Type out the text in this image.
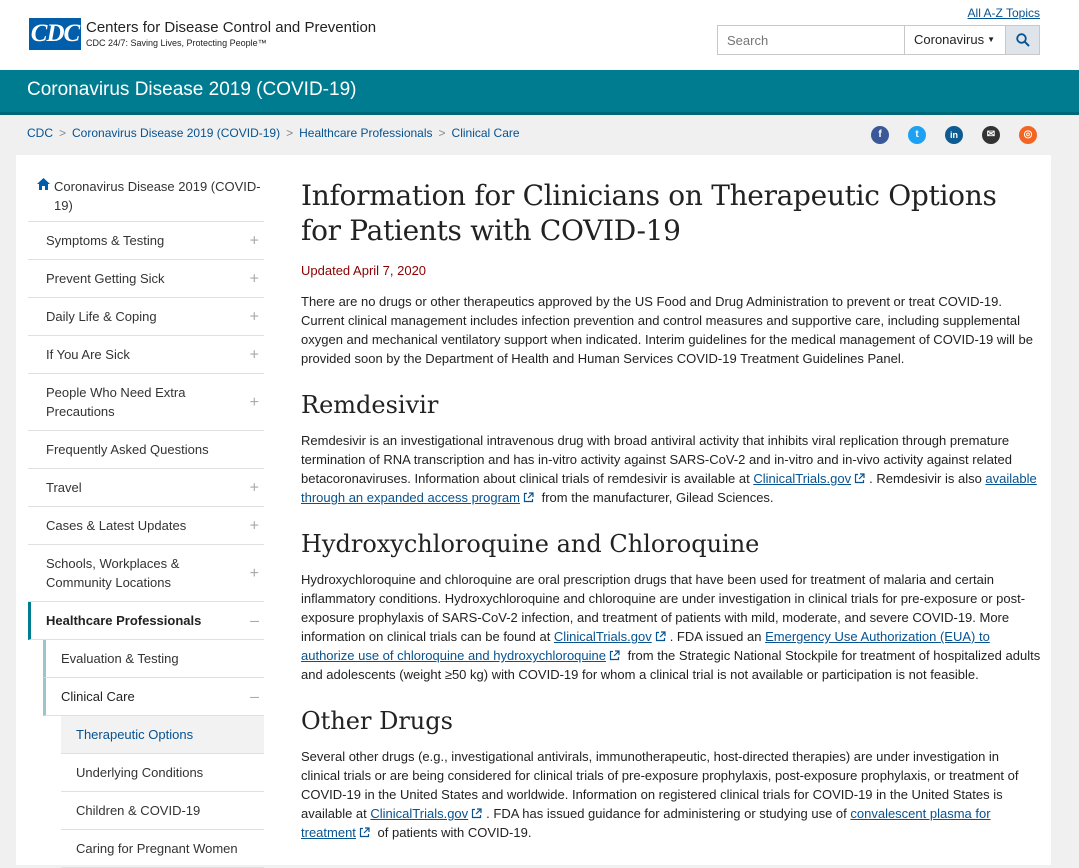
CDC Centers for Disease Control and Prevention
CDC 24/7: Saving Lives, Protecting People™
All A-Z Topics
Search
Coronavirus ▼
Coronavirus Disease 2019 (COVID-19)
CDC > Coronavirus Disease 2019 (COVID-19) > Healthcare Professionals > Clinical Care	f	t	in	✉	◎
Coronavirus Disease 2019 (COVID-19)
Symptoms & Testing	+
Prevent Getting Sick	+
Daily Life & Coping	+
If You Are Sick	+
People Who Need Extra Precautions
+
Frequently Asked Questions
Travel	+
Cases & Latest Updates	+
Schools, Workplaces & Community Locations
+
Healthcare Professionals	–
Evaluation & Testing
Clinical Care	–
Therapeutic Options
Underlying Conditions
Children & COVID-19
Caring for Pregnant Women
Information for Clinicians on Therapeutic Options for Patients with COVID-19
Updated April 7, 2020

There are no drugs or other therapeutics approved by the US Food and Drug Administration to prevent or treat COVID-19. Current clinical management includes infection prevention and control measures and supportive care, including supplemental oxygen and mechanical ventilatory support when indicated. Interim guidelines for the medical management of COVID-19 will be provided soon by the Department of Health and Human Services COVID-19 Treatment Guidelines Panel.

Remdesivir

Remdesivir is an investigational intravenous drug with broad antiviral activity that inhibits viral replication through premature termination of RNA transcription and has in-vitro activity against SARS-CoV-2 and in-vitro and in-vivo activity against related betacoronaviruses. Information about clinical trials of remdesivir is available at ClinicalTrials.gov . Remdesivir is also available through an expanded access program from the manufacturer, Gilead Sciences.

Hydroxychloroquine and Chloroquine

Hydroxychloroquine and chloroquine are oral prescription drugs that have been used for treatment of malaria and certain inflammatory conditions. Hydroxychloroquine and chloroquine are under investigation in clinical trials for pre-exposure or post-exposure prophylaxis of SARS-CoV-2 infection, and treatment of patients with mild, moderate, and severe COVID-19. More information on clinical trials can be found at ClinicalTrials.gov . FDA issued an Emergency Use Authorization (EUA) to authorize use of chloroquine and hydroxychloroquine from the Strategic National Stockpile for treatment of hospitalized adults and adolescents (weight ≥50 kg) with COVID-19 for whom a clinical trial is not available or participation is not feasible.

Other Drugs

Several other drugs (e.g., investigational antivirals, immunotherapeutic, host-directed therapies) are under investigation in clinical trials or are being considered for clinical trials of pre-exposure prophylaxis, post-exposure prophylaxis, or treatment of COVID-19 in the United States and worldwide. Information on registered clinical trials for COVID-19 in the United States is available at ClinicalTrials.gov . FDA has issued guidance for administering or studying use of convalescent plasma for treatment of patients with COVID-19.
